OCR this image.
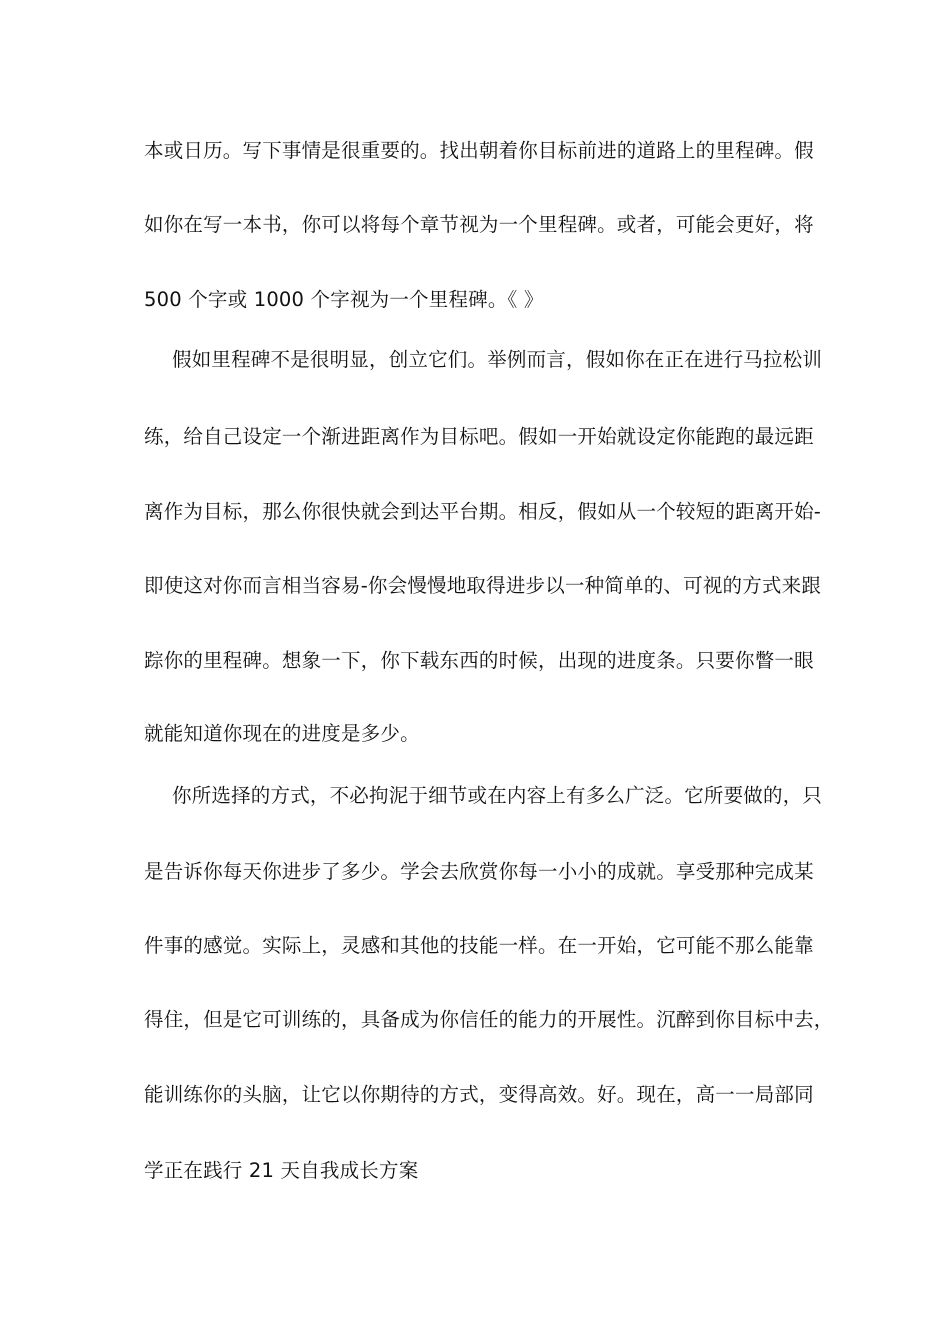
本或日历。写下事情是很重要的。找出朝着你目标前进的道路上的里程碑。假
如你在写一本书，你可以将每个章节视为一个里程碑。或者，可能会更好，将
500 个字或 1000 个字视为一个里程碑。《 》
假如里程碑不是很明显，创立它们。举例而言，假如你在正在进行马拉松训
练，给自己设定一个渐进距离作为目标吧。假如一开始就设定你能跑的最远距
离作为目标，那么你很快就会到达平台期。相反，假如从一个较短的距离开始-
即使这对你而言相当容易-你会慢慢地取得进步以一种简单的、可视的方式来跟
踪你的里程碑。想象一下，你下载东西的时候，出现的进度条。只要你瞥一眼
就能知道你现在的进度是多少。
你所选择的方式，不必拘泥于细节或在内容上有多么广泛。它所要做的，只
是告诉你每天你进步了多少。学会去欣赏你每一小小的成就。享受那种完成某
件事的感觉。实际上，灵感和其他的技能一样。在一开始，它可能不那么能靠
得住，但是它可训练的，具备成为你信任的能力的开展性。沉醉到你目标中去，
能训练你的头脑，让它以你期待的方式，变得高效。好。现在，高一一局部同
学正在践行 21 天自我成长方案
